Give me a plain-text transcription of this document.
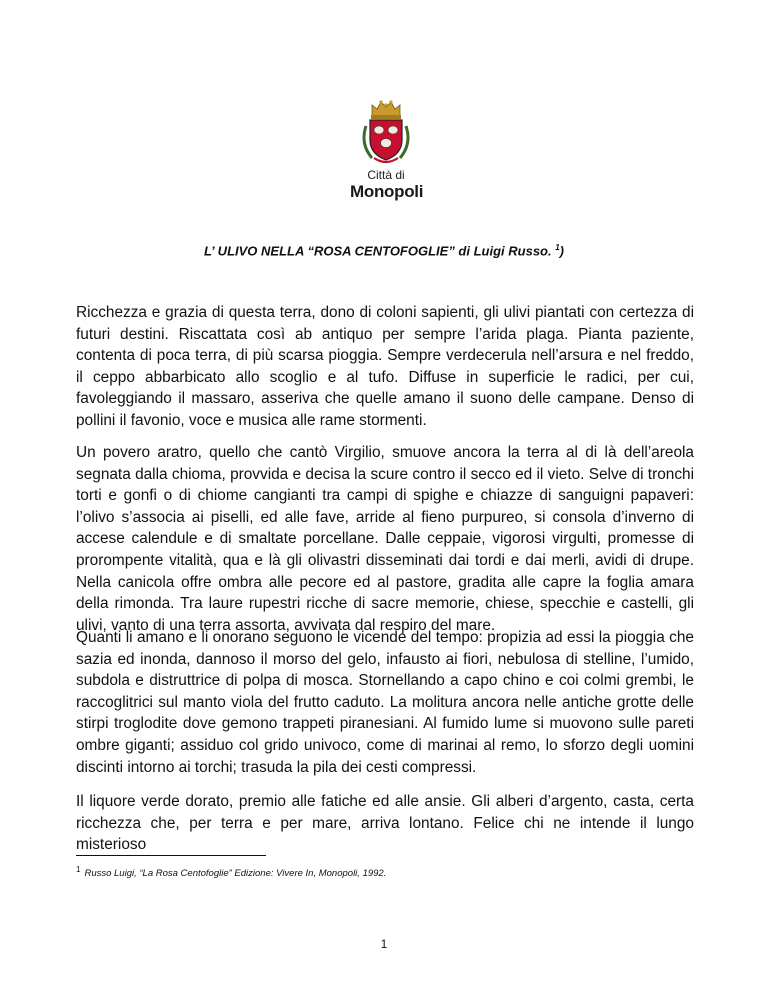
Città di
Monopoli
L’ ULIVO NELLA “ROSA CENTOFOGLIE” di Luigi Russo. $^1$)

Ricchezza e grazia di questa terra, dono di coloni sapienti, gli ulivi piantati con certezza di futuri destini. Riscattata così ab antiquo per sempre l’arida plaga. Pianta paziente, contenta di poca terra, di più scarsa pioggia. Sempre verdecerula nell’arsura e nel freddo, il ceppo abbarbicato allo scoglio e al tufo. Diffuse in superficie le radici, per cui, favoleggiando il massaro, asseriva che quelle amano il suono delle campane. Denso di pollini il favonio, voce e musica alle rame stormenti.

Un povero aratro, quello che cantò Virgilio, smuove ancora la terra al di là dell’areola segnata dalla chioma, provvida e decisa la scure contro il secco ed il vieto. Selve di tronchi torti e gonfi o di chiome cangianti tra campi di spighe e chiazze di sanguigni papaveri: l’olivo s’associa ai piselli, ed alle fave, arride al fieno purpureo, si consola d’inverno di accese calendule e di smaltate porcellane. Dalle ceppaie, vigorosi virgulti, promesse di prorompente vitalità, qua e là gli olivastri disseminati dai tordi e dai merli, avidi di drupe. Nella canicola offre ombra alle pecore ed al pastore, gradita alle capre la foglia amara della rimonda. Tra laure rupestri ricche di sacre memorie, chiese, specchie e castelli, gli ulivi, vanto di una terra assorta, avvivata dal respiro del mare.

Quanti li amano e li onorano seguono le vicende del tempo: propizia ad essi la pioggia che sazia ed inonda, dannoso il morso del gelo, infausto ai fiori, nebulosa di stelline, l’umido, subdola e distruttrice di polpa di mosca. Stornellando a capo chino e coi colmi grembi, le raccoglitrici sul manto viola del frutto caduto. La molitura ancora nelle antiche grotte delle stirpi troglodite dove gemono trappeti piranesiani. Al fumido lume si muovono sulle pareti ombre giganti; assiduo col grido univoco, come di marinai al remo, lo sforzo degli uomini discinti intorno ai torchi; trasuda la pila dei cesti compressi.

Il liquore verde dorato, premio alle fatiche ed alle ansie. Gli alberi d’argento, casta, certa ricchezza che, per terra e per mare, arriva lontano. Felice chi ne intende il lungo misterioso

$^1$ Russo Luigi, “La Rosa Centofoglie” Edizione: Vivere In, Monopoli, 1992.
1
